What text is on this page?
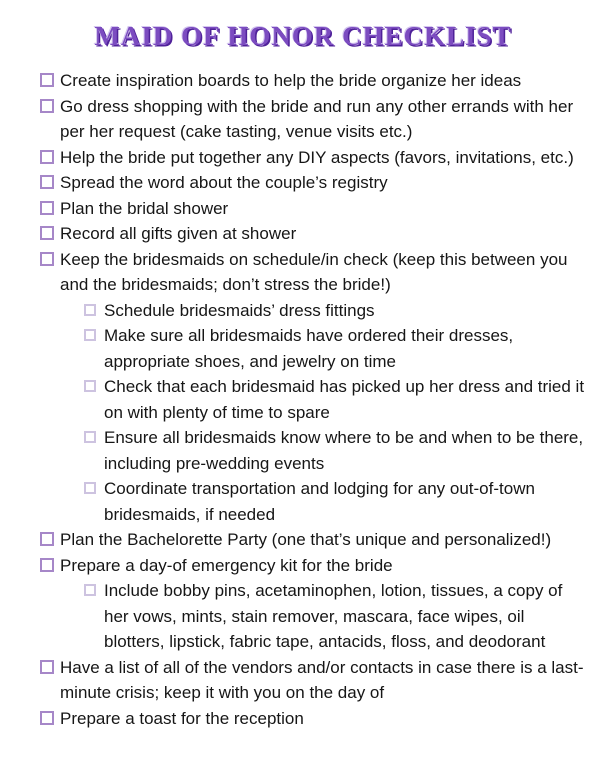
MAID OF HONOR CHECKLIST
Create inspiration boards to help the bride organize her ideas
Go dress shopping with the bride and run any other errands with her per her request (cake tasting, venue visits etc.)
Help the bride put together any DIY aspects (favors, invitations, etc.)
Spread the word about the couple’s registry
Plan the bridal shower
Record all gifts given at shower
Keep the bridesmaids on schedule/in check (keep this between you and the bridesmaids; don’t stress the bride!)
Schedule bridesmaids’ dress fittings
Make sure all bridesmaids have ordered their dresses, appropriate shoes, and jewelry on time
Check that each bridesmaid has picked up her dress and tried it on with plenty of time to spare
Ensure all bridesmaids know where to be and when to be there, including pre-wedding events
Coordinate transportation and lodging for any out-of-town bridesmaids, if needed
Plan the Bachelorette Party (one that’s unique and personalized!)
Prepare a day-of emergency kit for the bride
Include bobby pins, acetaminophen, lotion, tissues, a copy of her vows, mints, stain remover, mascara, face wipes, oil blotters, lipstick, fabric tape, antacids, floss, and deodorant
Have a list of all of the vendors and/or contacts in case there is a last-minute crisis; keep it with you on the day of
Prepare a toast for the reception
